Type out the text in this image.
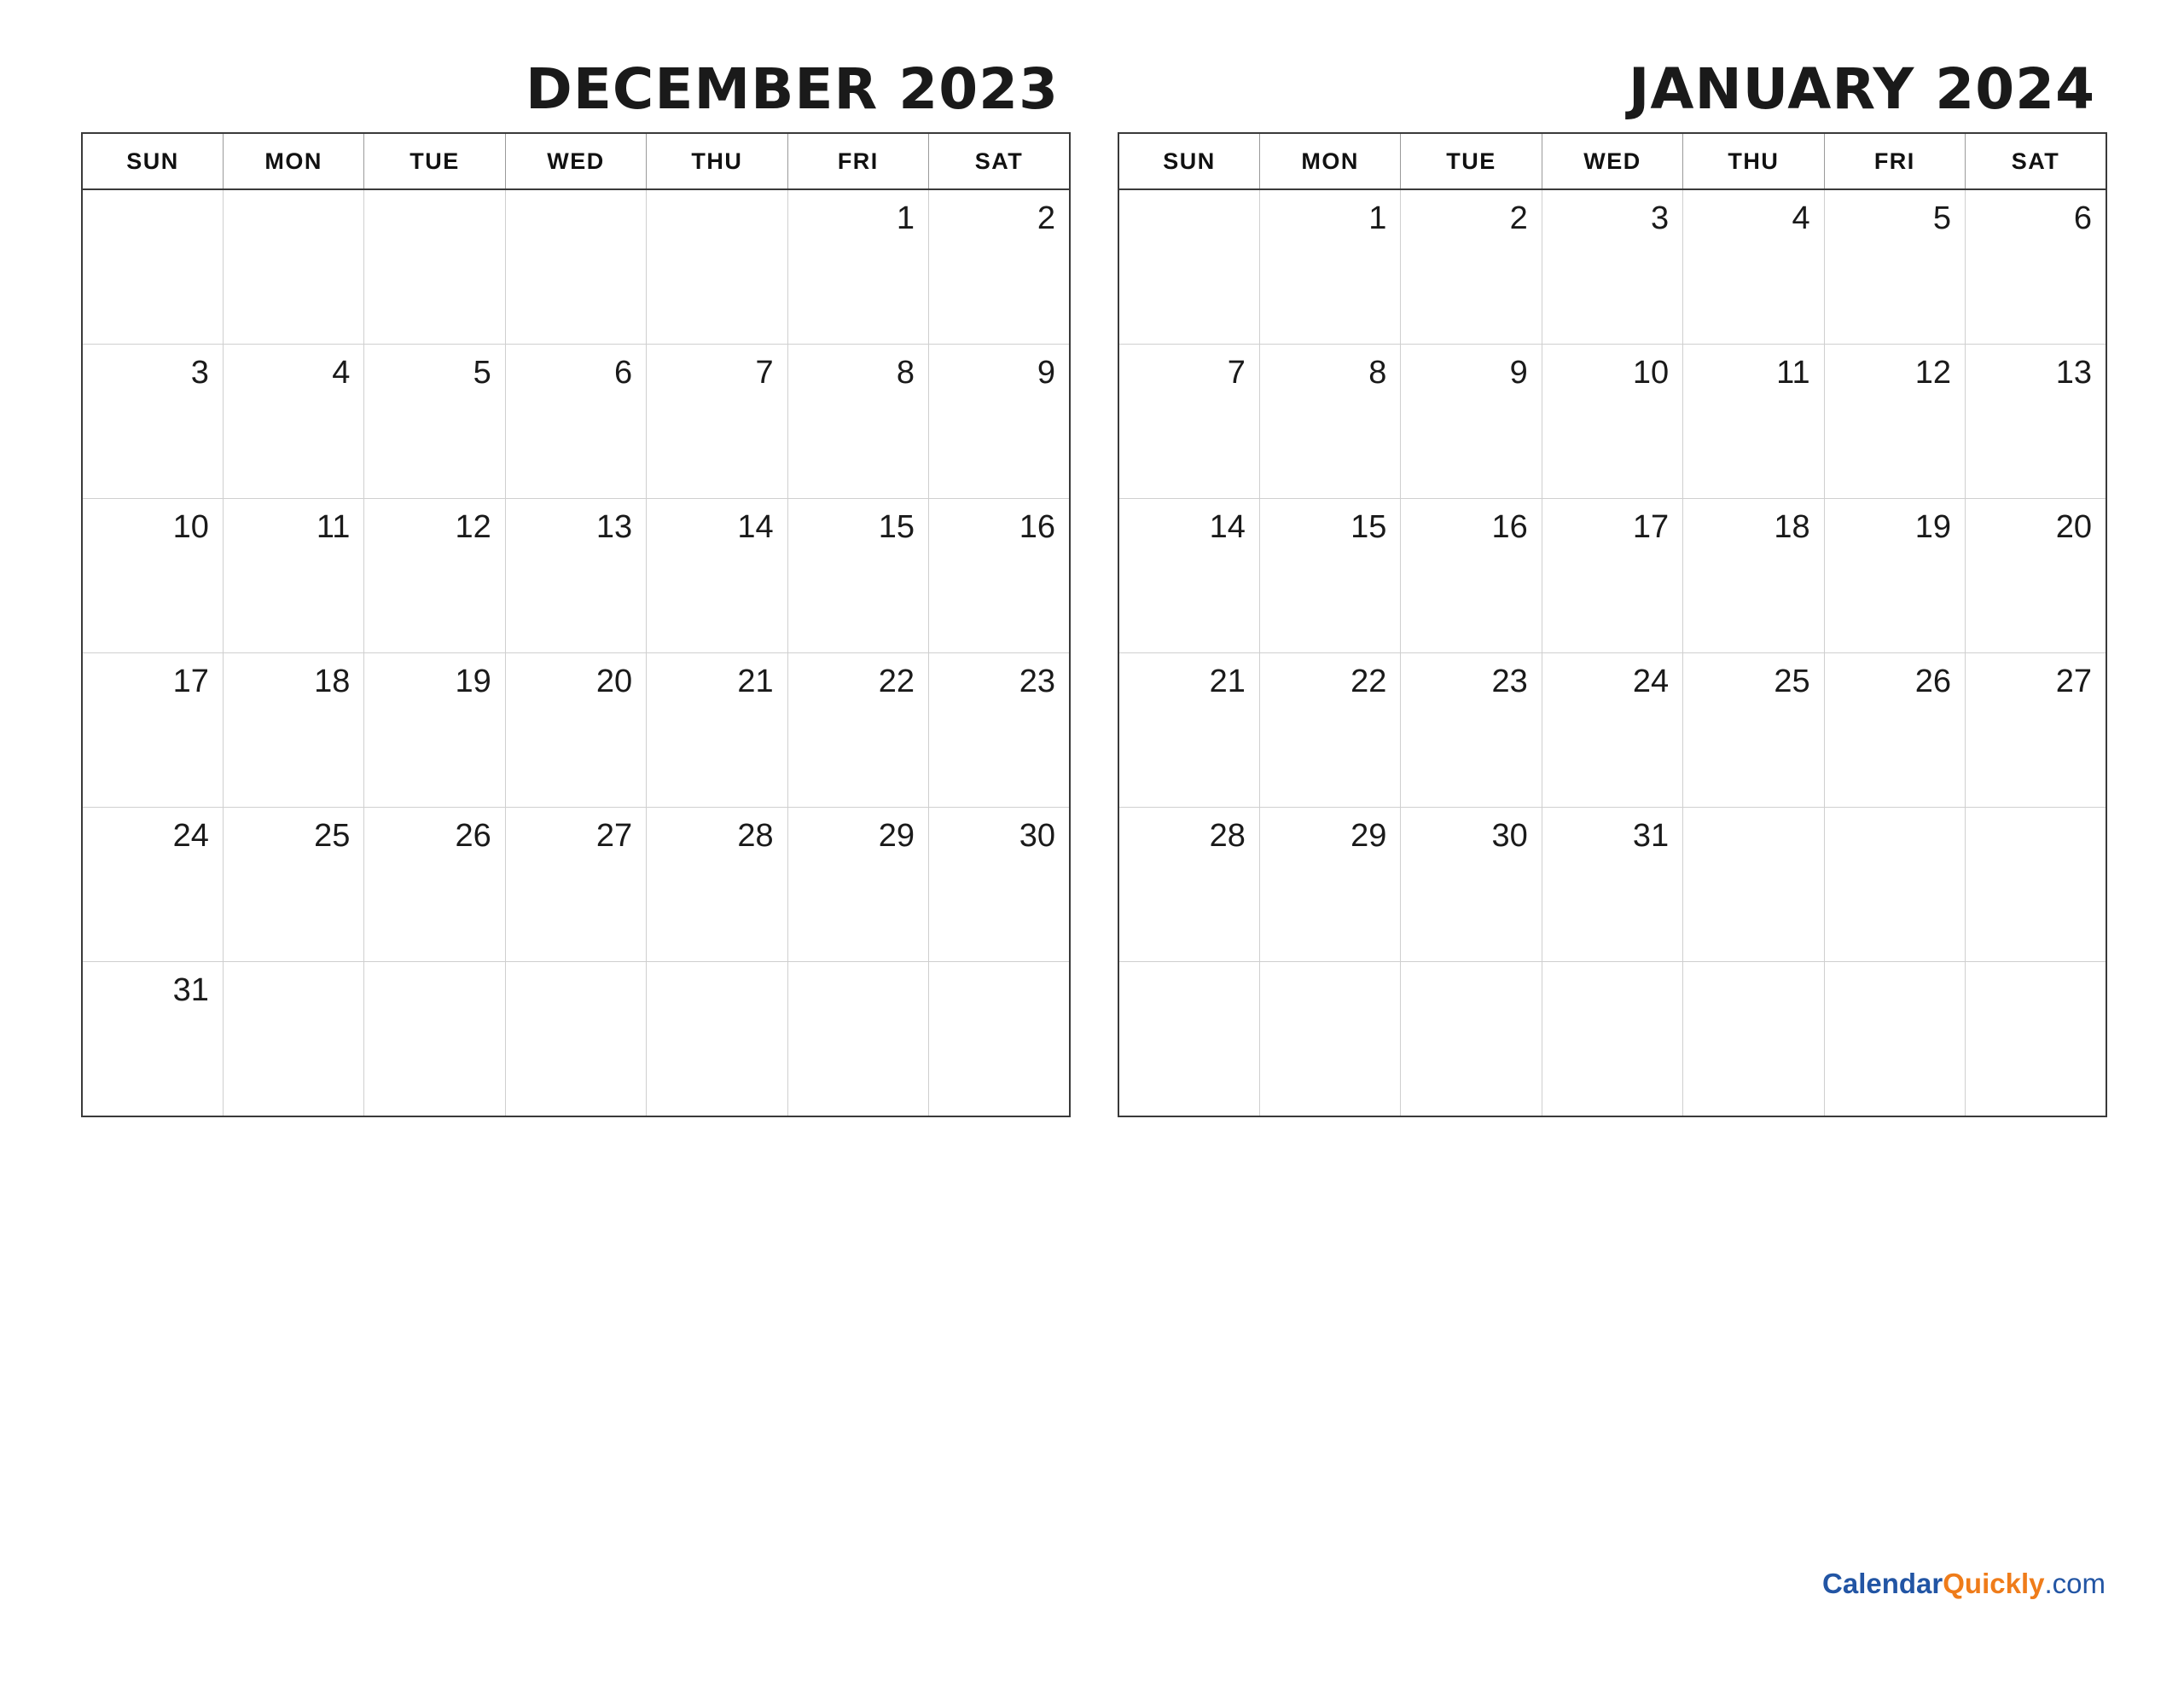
DECEMBER 2023
SUN	MON	TUE	WED	THU	FRI	SAT
					1	2
3	4	5	6	7	8	9
10	11	12	13	14	15	16
17	18	19	20	21	22	23
24	25	26	27	28	29	30
31						
JANUARY 2024
SUN	MON	TUE	WED	THU	FRI	SAT
	1	2	3	4	5	6
7	8	9	10	11	12	13
14	15	16	17	18	19	20
21	22	23	24	25	26	27
28	29	30	31			

CalendarQuickly.com
